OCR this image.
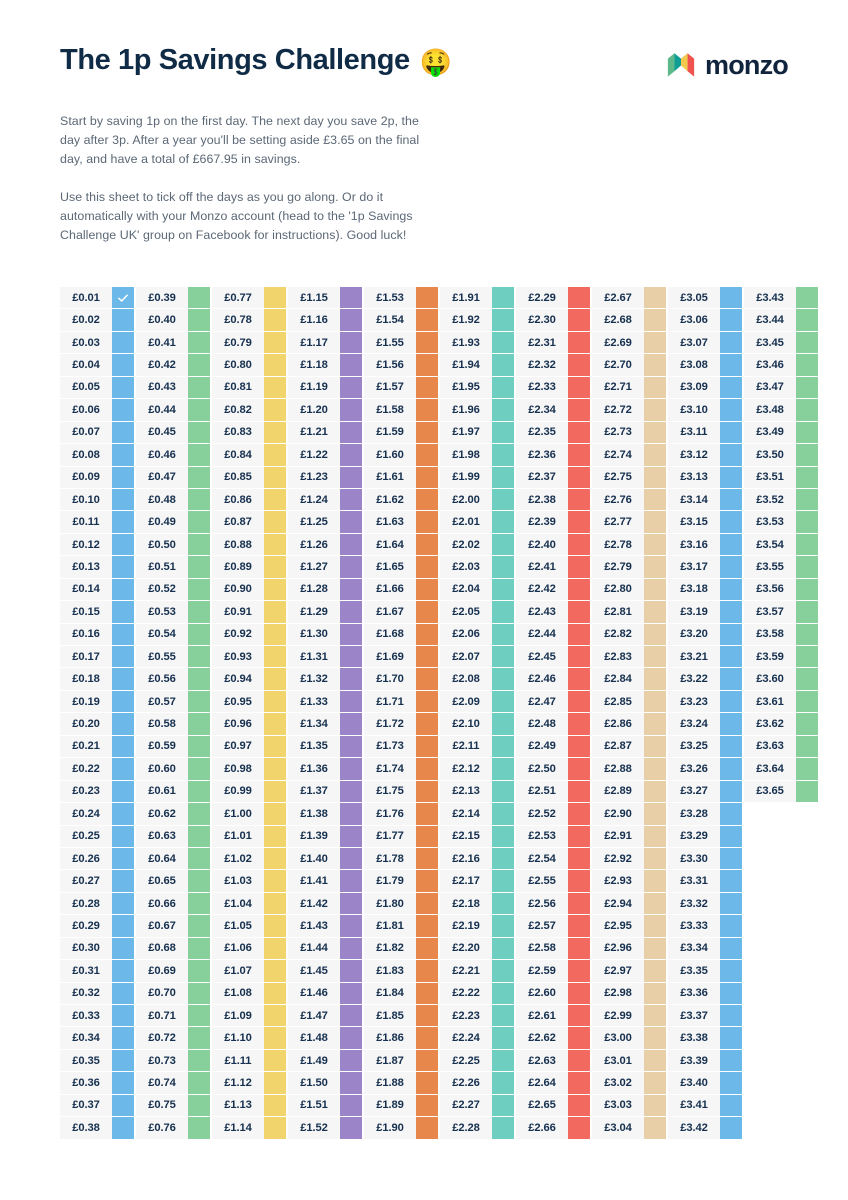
The 1p Savings Challenge 🤑	monzo

Start by saving 1p on the first day. The next day you save 2p, the day after 3p. After a year you'll be setting aside £3.65 on the final day, and have a total of £667.95 in savings.

Use this sheet to tick off the days as you go along. Or do it automatically with your Monzo account (head to the '1p Savings Challenge UK' group on Facebook for instructions). Good luck!

£0.01
£0.02
£0.03
£0.04
£0.05
£0.06
£0.07
£0.08
£0.09
£0.10
£0.11
£0.12
£0.13
£0.14
£0.15
£0.16
£0.17
£0.18
£0.19
£0.20
£0.21
£0.22
£0.23
£0.24
£0.25
£0.26
£0.27
£0.28
£0.29
£0.30
£0.31
£0.32
£0.33
£0.34
£0.35
£0.36
£0.37
£0.38
£0.39
£0.40
£0.41
£0.42
£0.43
£0.44
£0.45
£0.46
£0.47
£0.48
£0.49
£0.50
£0.51
£0.52
£0.53
£0.54
£0.55
£0.56
£0.57
£0.58
£0.59
£0.60
£0.61
£0.62
£0.63
£0.64
£0.65
£0.66
£0.67
£0.68
£0.69
£0.70
£0.71
£0.72
£0.73
£0.74
£0.75
£0.76
£0.77
£0.78
£0.79
£0.80
£0.81
£0.82
£0.83
£0.84
£0.85
£0.86
£0.87
£0.88
£0.89
£0.90
£0.91
£0.92
£0.93
£0.94
£0.95
£0.96
£0.97
£0.98
£0.99
£1.00
£1.01
£1.02
£1.03
£1.04
£1.05
£1.06
£1.07
£1.08
£1.09
£1.10
£1.11
£1.12
£1.13
£1.14
£1.15
£1.16
£1.17
£1.18
£1.19
£1.20
£1.21
£1.22
£1.23
£1.24
£1.25
£1.26
£1.27
£1.28
£1.29
£1.30
£1.31
£1.32
£1.33
£1.34
£1.35
£1.36
£1.37
£1.38
£1.39
£1.40
£1.41
£1.42
£1.43
£1.44
£1.45
£1.46
£1.47
£1.48
£1.49
£1.50
£1.51
£1.52
£1.53
£1.54
£1.55
£1.56
£1.57
£1.58
£1.59
£1.60
£1.61
£1.62
£1.63
£1.64
£1.65
£1.66
£1.67
£1.68
£1.69
£1.70
£1.71
£1.72
£1.73
£1.74
£1.75
£1.76
£1.77
£1.78
£1.79
£1.80
£1.81
£1.82
£1.83
£1.84
£1.85
£1.86
£1.87
£1.88
£1.89
£1.90
£1.91
£1.92
£1.93
£1.94
£1.95
£1.96
£1.97
£1.98
£1.99
£2.00
£2.01
£2.02
£2.03
£2.04
£2.05
£2.06
£2.07
£2.08
£2.09
£2.10
£2.11
£2.12
£2.13
£2.14
£2.15
£2.16
£2.17
£2.18
£2.19
£2.20
£2.21
£2.22
£2.23
£2.24
£2.25
£2.26
£2.27
£2.28
£2.29
£2.30
£2.31
£2.32
£2.33
£2.34
£2.35
£2.36
£2.37
£2.38
£2.39
£2.40
£2.41
£2.42
£2.43
£2.44
£2.45
£2.46
£2.47
£2.48
£2.49
£2.50
£2.51
£2.52
£2.53
£2.54
£2.55
£2.56
£2.57
£2.58
£2.59
£2.60
£2.61
£2.62
£2.63
£2.64
£2.65
£2.66
£2.67
£2.68
£2.69
£2.70
£2.71
£2.72
£2.73
£2.74
£2.75
£2.76
£2.77
£2.78
£2.79
£2.80
£2.81
£2.82
£2.83
£2.84
£2.85
£2.86
£2.87
£2.88
£2.89
£2.90
£2.91
£2.92
£2.93
£2.94
£2.95
£2.96
£2.97
£2.98
£2.99
£3.00
£3.01
£3.02
£3.03
£3.04
£3.05
£3.06
£3.07
£3.08
£3.09
£3.10
£3.11
£3.12
£3.13
£3.14
£3.15
£3.16
£3.17
£3.18
£3.19
£3.20
£3.21
£3.22
£3.23
£3.24
£3.25
£3.26
£3.27
£3.28
£3.29
£3.30
£3.31
£3.32
£3.33
£3.34
£3.35
£3.36
£3.37
£3.38
£3.39
£3.40
£3.41
£3.42
£3.43
£3.44
£3.45
£3.46
£3.47
£3.48
£3.49
£3.50
£3.51
£3.52
£3.53
£3.54
£3.55
£3.56
£3.57
£3.58
£3.59
£3.60
£3.61
£3.62
£3.63
£3.64
£3.65
